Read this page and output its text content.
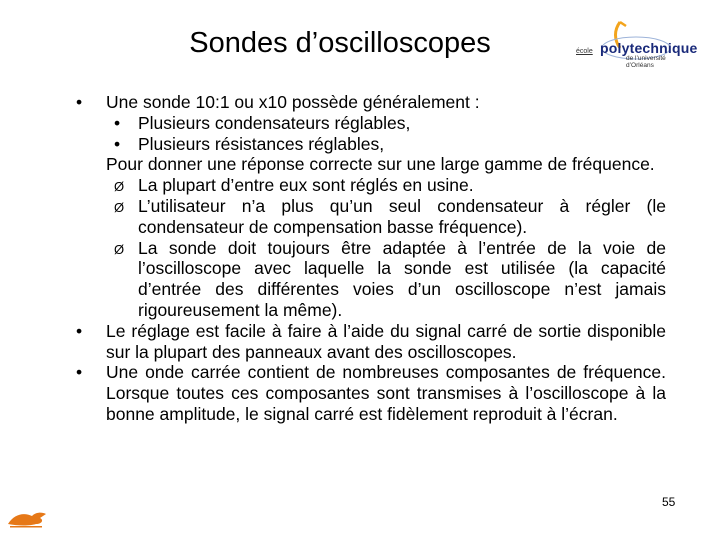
Sondes d’oscilloscopes	école polytechnique
de l’université d’Orléans

• Une sonde 10:1 ou x10 possède généralement :

• Plusieurs condensateurs réglables,

• Plusieurs résistances réglables,

Pour donner une réponse correcte sur une large gamme de fréquence.

Ø La plupart d’entre eux sont réglés en usine.

Ø L’utilisateur n’a plus qu’un seul condensateur à régler (le condensateur de compensation basse fréquence).

Ø La sonde doit toujours être adaptée à l’entrée de la voie de l’oscilloscope avec laquelle la sonde est utilisée (la capacité d’entrée des différentes voies d’un oscilloscope n’est jamais rigoureusement la même).

• Le réglage est facile à faire à l’aide du signal carré de sortie disponible sur la plupart des panneaux avant des oscilloscopes.

• Une onde carrée contient de nombreuses composantes de fréquence. Lorsque toutes ces composantes sont transmises à l’oscilloscope à la bonne amplitude, le signal carré est fidèlement reproduit à l’écran.

55
